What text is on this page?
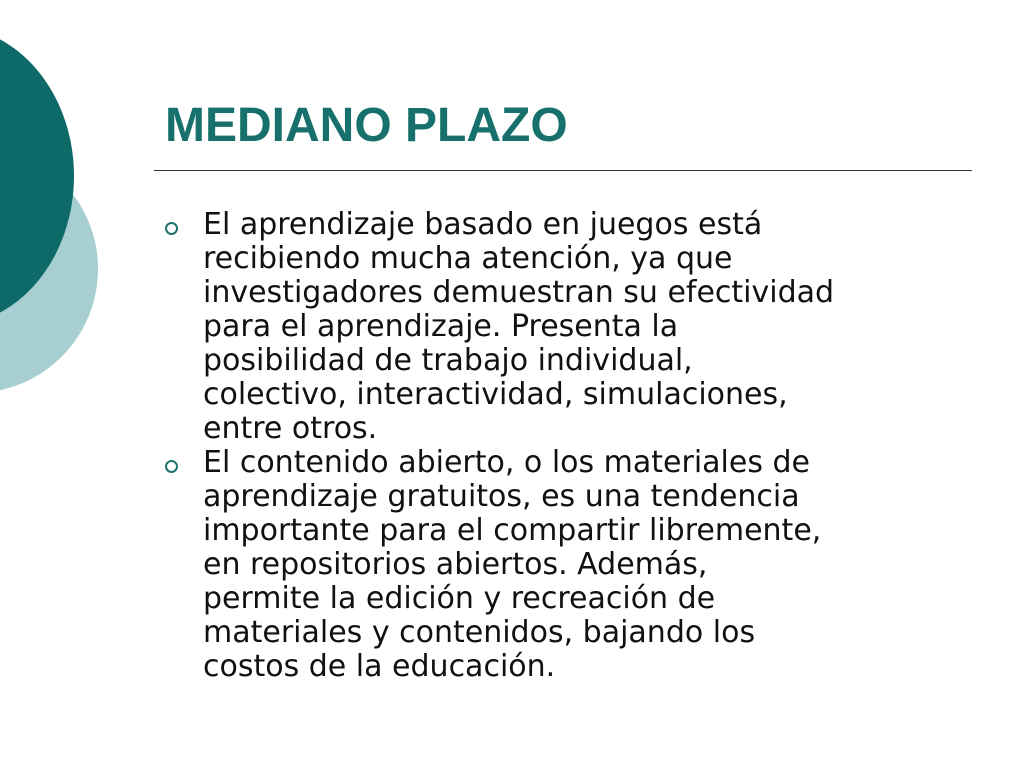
MEDIANO PLAZO
El aprendizaje basado en juegos está
recibiendo mucha atención, ya que
investigadores demuestran su efectividad
para el aprendizaje. Presenta la
posibilidad de trabajo individual,
colectivo, interactividad, simulaciones,
entre otros.
El contenido abierto, o los materiales de
aprendizaje gratuitos, es una tendencia
importante para el compartir libremente,
en repositorios abiertos. Además,
permite la edición y recreación de
materiales y contenidos, bajando los
costos de la educación.
